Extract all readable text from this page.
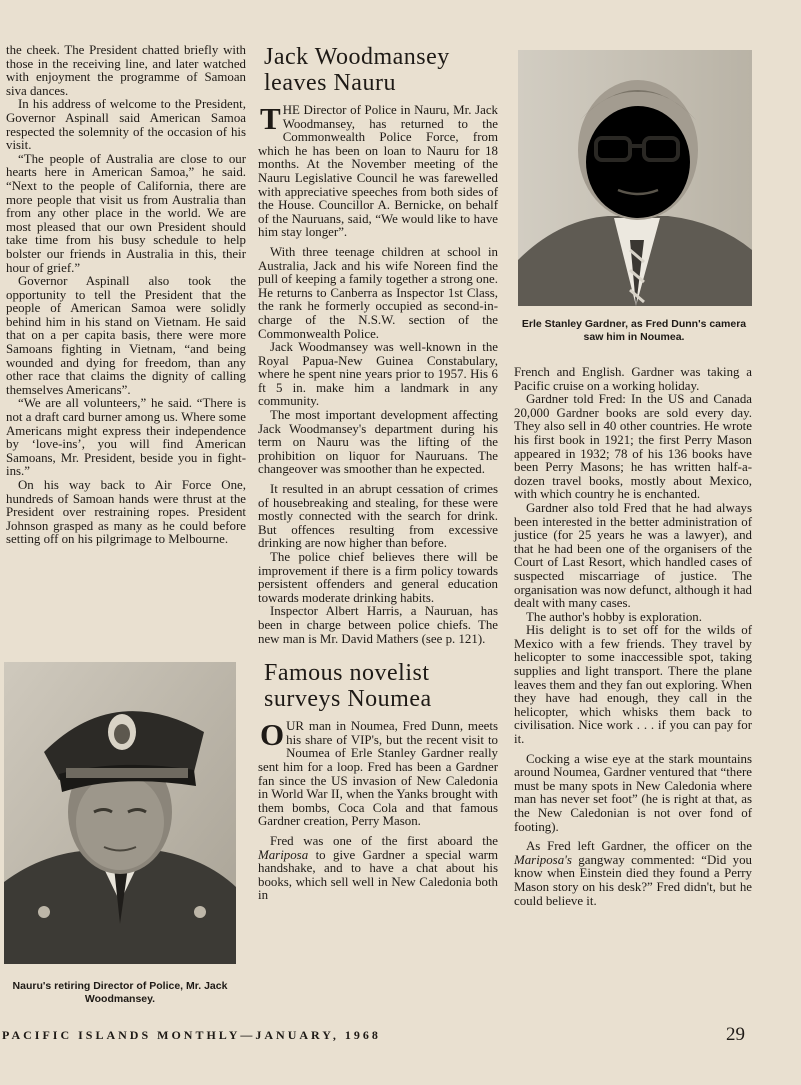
the cheek. The President chatted briefly with those in the receiving line, and later watched with enjoyment the programme of Samoan siva dances.

In his address of welcome to the President, Governor Aspinall said American Samoa respected the solemnity of the occasion of his visit.

“The people of Australia are close to our hearts here in American Samoa,” he said. “Next to the people of California, there are more people that visit us from Australia than from any other place in the world. We are most pleased that our own President should take time from his busy schedule to help bolster our friends in Australia in this, their hour of grief.”

Governor Aspinall also took the opportunity to tell the President that the people of American Samoa were solidly behind him in his stand on Vietnam. He said that on a per capita basis, there were more Samoans fighting in Vietnam, “and being wounded and dying for freedom, than any other race that claims the dignity of calling themselves Americans”.

“We are all volunteers,” he said. “There is not a draft card burner among us. Where some Americans might express their independence by ‘love-ins’, you will find American Samoans, Mr. President, beside you in fight-ins.”

On his way back to Air Force One, hundreds of Samoan hands were thrust at the President over restraining ropes. President Johnson grasped as many as he could before setting off on his pilgrimage to Melbourne.

Nauru's retiring Director of Police, Mr. Jack Woodmansey.
Jack Woodmansey leaves Nauru

THE Director of Police in Nauru, Mr. Jack Woodmansey, has returned to the Commonwealth Police Force, from which he has been on loan to Nauru for 18 months. At the November meeting of the Nauru Legislative Council he was farewelled with appreciative speeches from both sides of the House. Councillor A. Bernicke, on behalf of the Nauruans, said, “We would like to have him stay longer”.

With three teenage children at school in Australia, Jack and his wife Noreen find the pull of keeping a family together a strong one. He returns to Canberra as Inspector 1st Class, the rank he formerly occupied as second-in-charge of the N.S.W. section of the Commonwealth Police.

Jack Woodmansey was well-known in the Royal Papua-New Guinea Constabulary, where he spent nine years prior to 1957. His 6 ft 5 in. make him a landmark in any community.

The most important development affecting Jack Woodmansey's department during his term on Nauru was the lifting of the prohibition on liquor for Nauruans. The changeover was smoother than he expected.

It resulted in an abrupt cessation of crimes of housebreaking and stealing, for these were mostly connected with the search for drink. But offences resulting from excessive drinking are now higher than before.

The police chief believes there will be improvement if there is a firm policy towards persistent offenders and general education towards moderate drinking habits.

Inspector Albert Harris, a Nauruan, has been in charge between police chiefs. The new man is Mr. David Mathers (see p. 121).

Famous novelist surveys Noumea

OUR man in Noumea, Fred Dunn, meets his share of VIP's, but the recent visit to Noumea of Erle Stanley Gardner really sent him for a loop. Fred has been a Gardner fan since the US invasion of New Caledonia in World War II, when the Yanks brought with them bombs, Coca Cola and that famous Gardner creation, Perry Mason.

Fred was one of the first aboard the Mariposa to give Gardner a special warm handshake, and to have a chat about his books, which sell well in New Caledonia both in

Erle Stanley Gardner, as Fred Dunn's camera saw him in Noumea.

French and English. Gardner was taking a Pacific cruise on a working holiday.

Gardner told Fred: In the US and Canada 20,000 Gardner books are sold every day. They also sell in 40 other countries. He wrote his first book in 1921; the first Perry Mason appeared in 1932; 78 of his 136 books have been Perry Masons; he has written half-a-dozen travel books, mostly about Mexico, with which country he is enchanted.

Gardner also told Fred that he had always been interested in the better administration of justice (for 25 years he was a lawyer), and that he had been one of the organisers of the Court of Last Resort, which handled cases of suspected miscarriage of justice. The organisation was now defunct, although it had dealt with many cases.

The author's hobby is exploration.

His delight is to set off for the wilds of Mexico with a few friends. They travel by helicopter to some inaccessible spot, taking supplies and light transport. There the plane leaves them and they fan out exploring. When they have had enough, they call in the helicopter, which whisks them back to civilisation. Nice work . . . if you can pay for it.

Cocking a wise eye at the stark mountains around Noumea, Gardner ventured that “there must be many spots in New Caledonia where man has never set foot” (he is right at that, as the New Caledonian is not over fond of footing).

As Fred left Gardner, the officer on the Mariposa's gangway commented: “Did you know when Einstein died they found a Perry Mason story on his desk?” Fred didn't, but he could believe it.

PACIFIC ISLANDS MONTHLY—JANUARY, 1968	29
